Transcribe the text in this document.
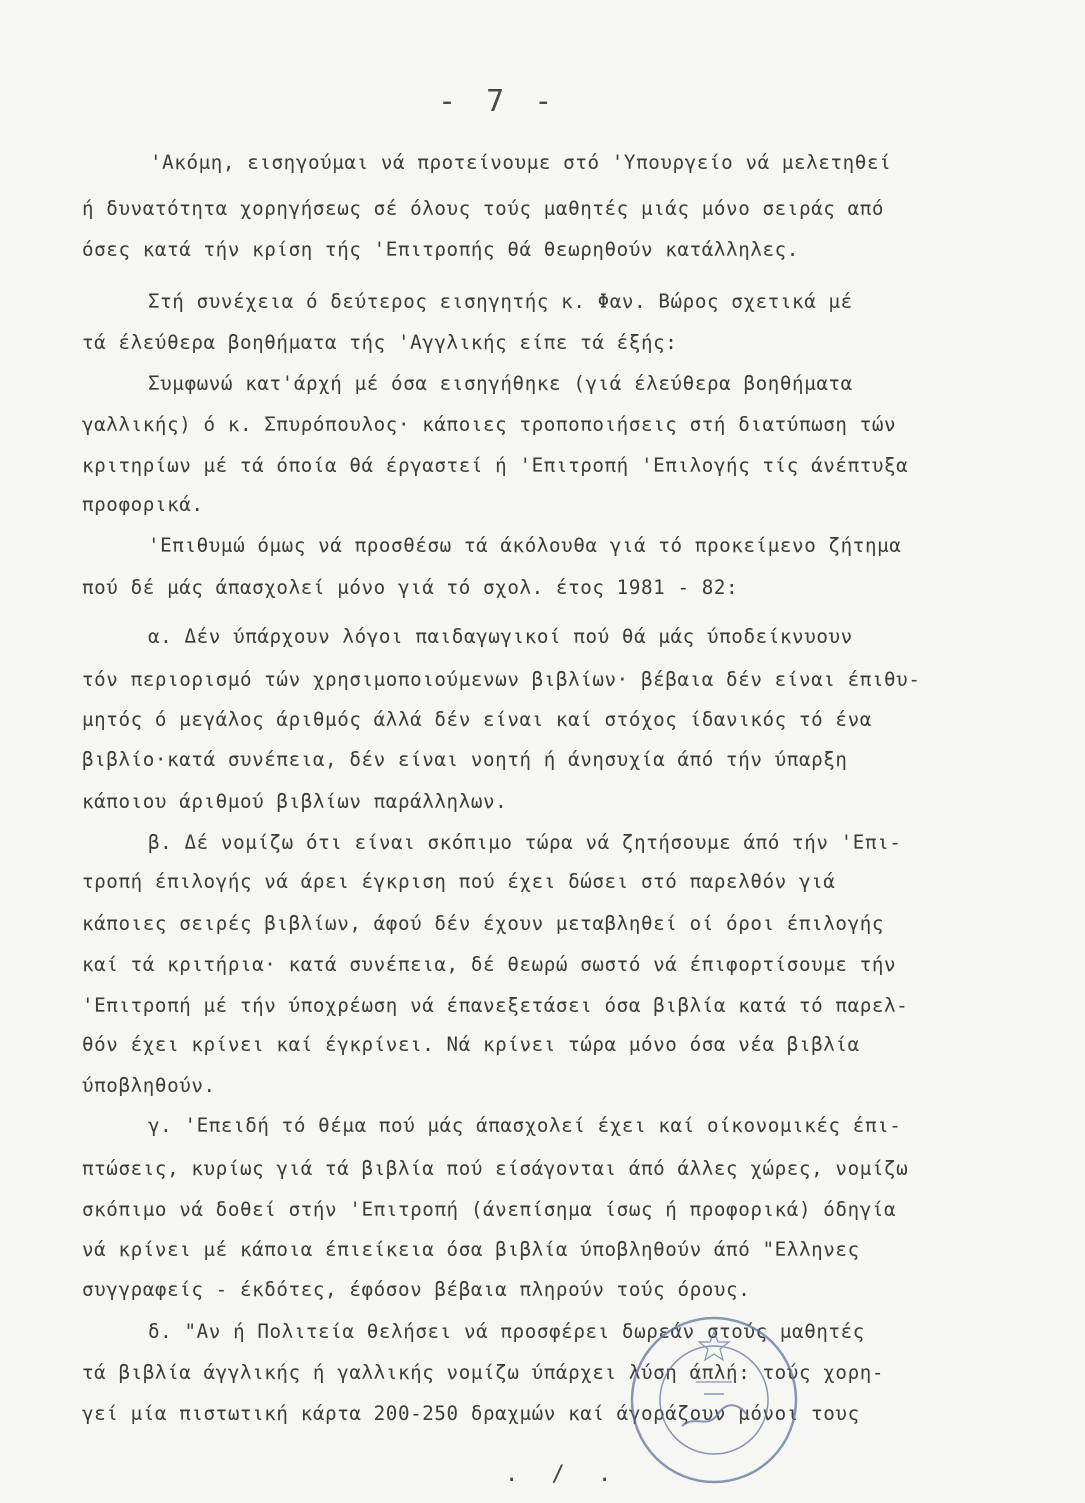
- 7 -
'Ακόμη, εισηγούμαι νά προτείνουμε στό 'Υπουργείο νά μελετηθεί
ή δυνατότητα χορηγήσεως σέ όλους τούς μαθητές μιάς μόνο σειράς από
όσες κατά τήν κρίση τής 'Επιτροπής θά θεωρηθούν κατάλληλες.
Στή συνέχεια ό δεύτερος εισηγητής κ. Φαν. Βώρος σχετικά μέ
τά έλεύθερα βοηθήματα τής 'Αγγλικής είπε τά έξής:
Συμφωνώ κατ'άρχή μέ όσα εισηγήθηκε (γιά έλεύθερα βοηθήματα
γαλλικής) ό κ. Σπυρόπουλος· κάποιες τροποποιήσεις στή διατύπωση τών
κριτηρίων μέ τά όποία θά έργαστεί ή 'Επιτροπή 'Επιλογής τίς άνέπτυξα
προφορικά.
'Επιθυμώ όμως νά προσθέσω τά άκόλουθα γιά τό προκείμενο ζήτημα
πού δέ μάς άπασχολεί μόνο γιά τό σχολ. έτος 1981 - 82:
α. Δέν ύπάρχουν λόγοι παιδαγωγικοί πού θά μάς ύποδείκνυουν
τόν περιορισμό τών χρησιμοποιούμενων βιβλίων· βέβαια δέν είναι έπιθυ-
μητός ό μεγάλος άριθμός άλλά δέν είναι καί στόχος ίδανικός τό ένα
βιβλίο·κατά συνέπεια, δέν είναι νοητή ή άνησυχία άπό τήν ύπαρξη
κάποιου άριθμού βιβλίων παράλληλων.
β. Δέ νομίζω ότι είναι σκόπιμο τώρα νά ζητήσουμε άπό τήν 'Επι-
τροπή έπιλογής νά άρει έγκριση πού έχει δώσει στό παρελθόν γιά
κάποιες σειρές βιβλίων, άφού δέν έχουν μεταβληθεί οί όροι έπιλογής
καί τά κριτήρια· κατά συνέπεια, δέ θεωρώ σωστό νά έπιφορτίσουμε τήν
'Επιτροπή μέ τήν ύποχρέωση νά έπανεξετάσει όσα βιβλία κατά τό παρελ-
θόν έχει κρίνει καί έγκρίνει. Νά κρίνει τώρα μόνο όσα νέα βιβλία
ύποβληθούν.
γ. 'Επειδή τό θέμα πού μάς άπασχολεί έχει καί οίκονομικές έπι-
πτώσεις, κυρίως γιά τά βιβλία πού είσάγονται άπό άλλες χώρες, νομίζω
σκόπιμο νά δοθεί στήν 'Επιτροπή (άνεπίσημα ίσως ή προφορικά) όδηγία
νά κρίνει μέ κάποια έπιείκεια όσα βιβλία ύποβληθούν άπό "Ελληνες
συγγραφείς - έκδότες, έφόσον βέβαια πληρούν τούς όρους.
δ. "Αν ή Πολιτεία θελήσει νά προσφέρει δωρεάν στούς μαθητές
τά βιβλία άγγλικής ή γαλλικής νομίζω ύπάρχει λύση άπλή: τούς χορη-
γεί μία πιστωτική κάρτα 200-250 δραχμών καί άγοράζουν μόνοι τους
. / .
